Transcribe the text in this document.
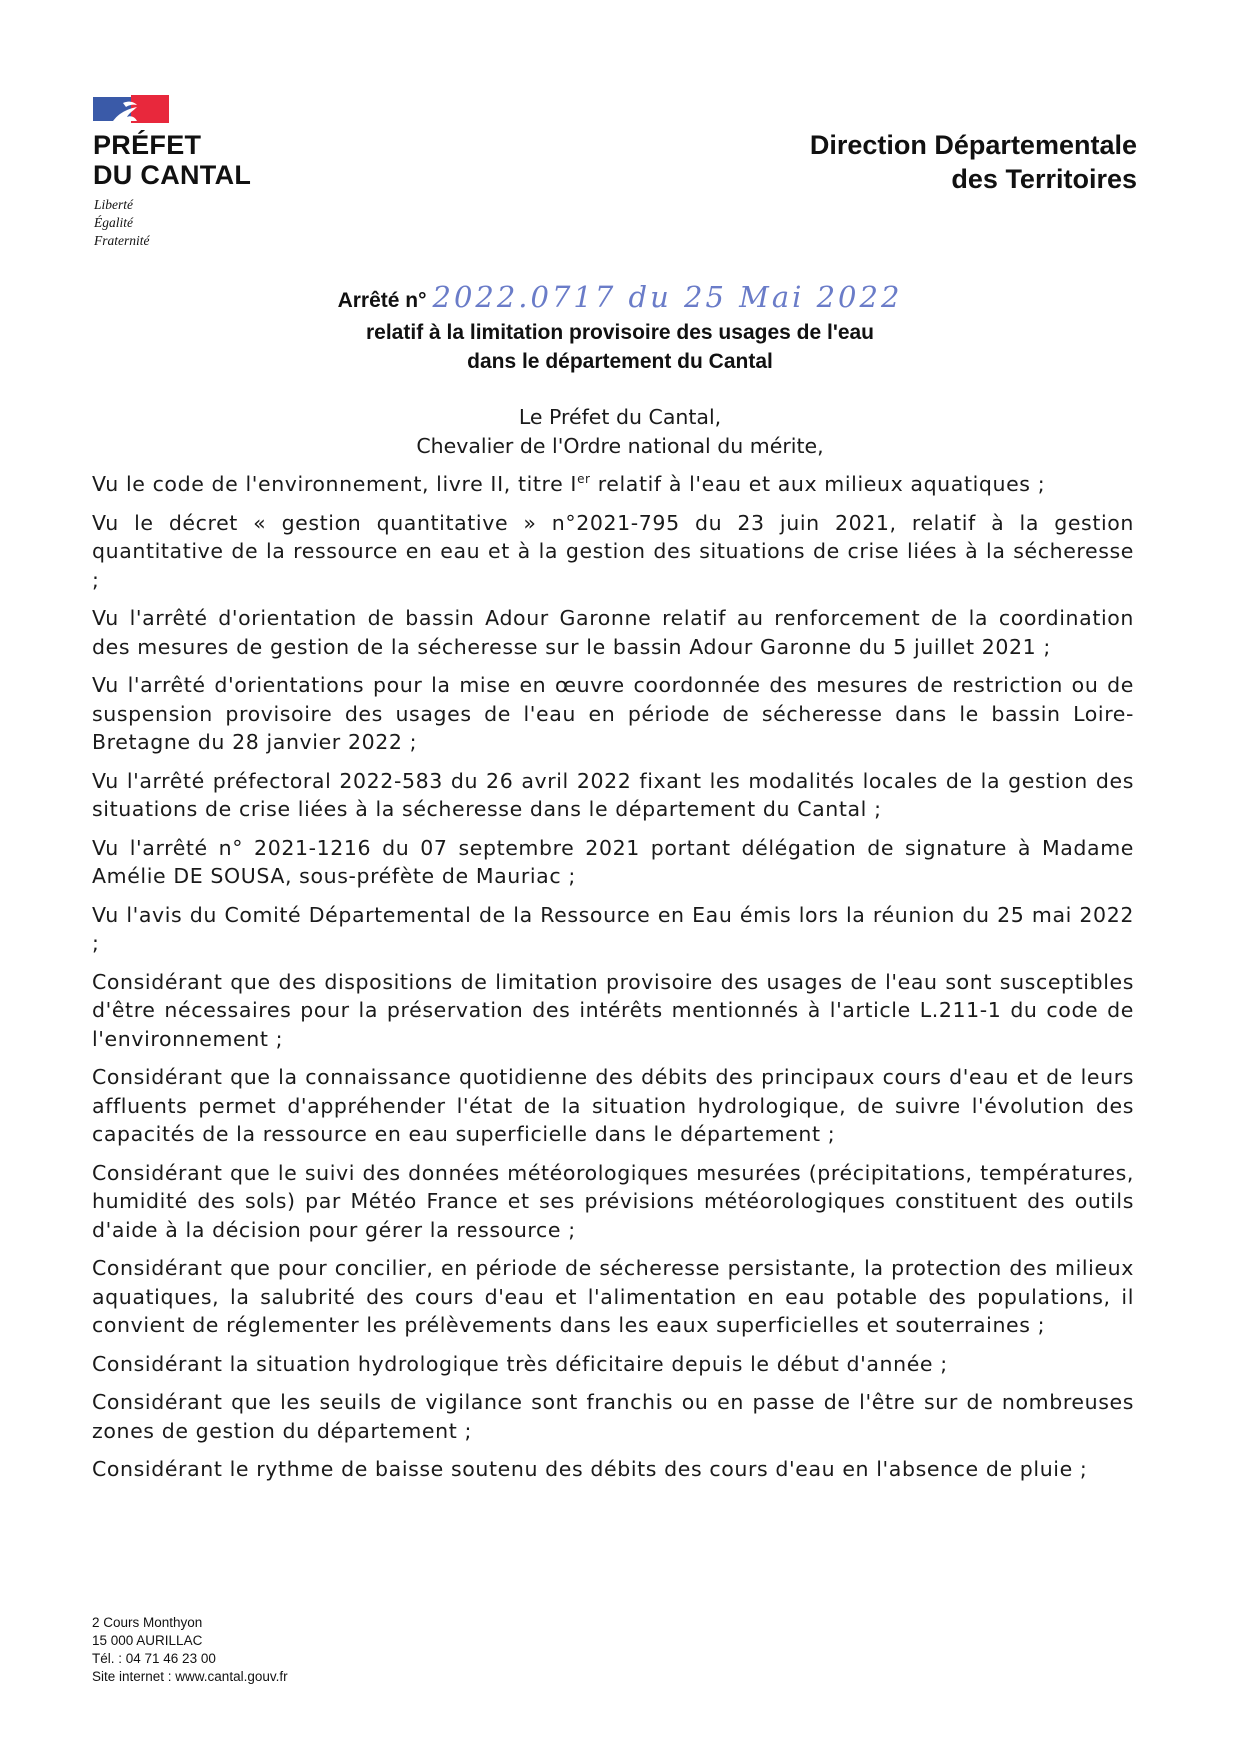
PRÉFET
DU CANTAL
Liberté
Égalité
Fraternité
Direction Départementale
des Territoires
Arrêté n° 2022.0717 du 25 Mai 2022
relatif à la limitation provisoire des usages de l'eau
dans le département du Cantal
Le Préfet du Cantal,
Chevalier de l'Ordre national du mérite,

Vu le code de l'environnement, livre II, titre Ier relatif à l'eau et aux milieux aquatiques ;

Vu le décret « gestion quantitative » n°2021-795 du 23 juin 2021, relatif à la gestion quantitative de la ressource en eau et à la gestion des situations de crise liées à la sécheresse ;

Vu l'arrêté d'orientation de bassin Adour Garonne relatif au renforcement de la coordination des mesures de gestion de la sécheresse sur le bassin Adour Garonne du 5 juillet 2021 ;

Vu l'arrêté d'orientations pour la mise en œuvre coordonnée des mesures de restriction ou de suspension provisoire des usages de l'eau en période de sécheresse dans le bassin Loire-Bretagne du 28 janvier 2022 ;

Vu l'arrêté préfectoral 2022-583 du 26 avril 2022 fixant les modalités locales de la gestion des situations de crise liées à la sécheresse dans le département du Cantal ;

Vu l'arrêté n° 2021-1216 du 07 septembre 2021 portant délégation de signature à Madame Amélie DE SOUSA, sous-préfète de Mauriac ;

Vu l'avis du Comité Départemental de la Ressource en Eau émis lors la réunion du 25 mai 2022 ;

Considérant que des dispositions de limitation provisoire des usages de l'eau sont susceptibles d'être nécessaires pour la préservation des intérêts mentionnés à l'article L.211-1 du code de l'environnement ;

Considérant que la connaissance quotidienne des débits des principaux cours d'eau et de leurs affluents permet d'appréhender l'état de la situation hydrologique, de suivre l'évolution des capacités de la ressource en eau superficielle dans le département ;

Considérant que le suivi des données météorologiques mesurées (précipitations, températures, humidité des sols) par Météo France et ses prévisions météorologiques constituent des outils d'aide à la décision pour gérer la ressource ;

Considérant que pour concilier, en période de sécheresse persistante, la protection des milieux aquatiques, la salubrité des cours d'eau et l'alimentation en eau potable des populations, il convient de réglementer les prélèvements dans les eaux superficielles et souterraines ;

Considérant la situation hydrologique très déficitaire depuis le début d'année ;

Considérant que les seuils de vigilance sont franchis ou en passe de l'être sur de nombreuses zones de gestion du département ;

Considérant le rythme de baisse soutenu des débits des cours d'eau en l'absence de pluie ;

2 Cours Monthyon
15 000 AURILLAC
Tél. : 04 71 46 23 00
Site internet : www.cantal.gouv.fr
